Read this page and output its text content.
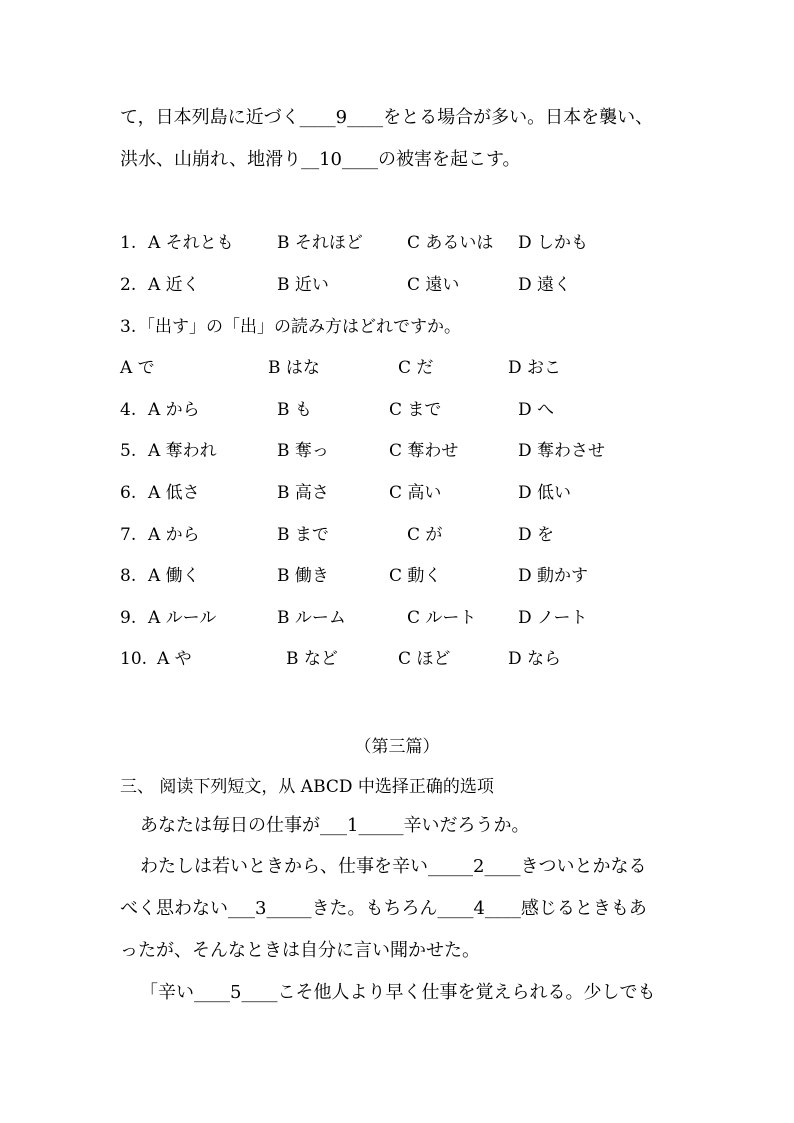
て，日本列島に近づく____9____をとる場合が多い。日本を襲い、
洪水、山崩れ、地滑り__10____の被害を起こす。
1. A それとも	B それほど	C あるいは D しかも
2. A 近く	B 近い	C 遠い	D 遠く
3. 「出す」の「出」の読み方はどれですか。
A で	B はな	C だ	D おこ
4. A から	B も	C まで	D へ
5. A 奪われ	B 奪っ	C 奪わせ	D 奪わさせ
6. A 低さ	B 高さ	C 高い	D 低い
7. A から	B まで	C が	D を
8. A 働く	B 働き	C 動く	D 動かす
9. A ルール	B ルーム	C ルート D ノート
10. A や	B など	C ほど	D なら
（第三篇）
三、 阅读下列短文，从 ABCD 中选择正确的选项
あなたは毎日の仕事が___1_____辛いだろうか。
わたしは若いときから、仕事を辛い_____2____きついとかなる
べく思わない___3_____きた。もちろん____4____感じるときもあ
ったが、そんなときは自分に言い聞かせた。
「辛い____5____こそ他人より早く仕事を覚えられる。少しでも
